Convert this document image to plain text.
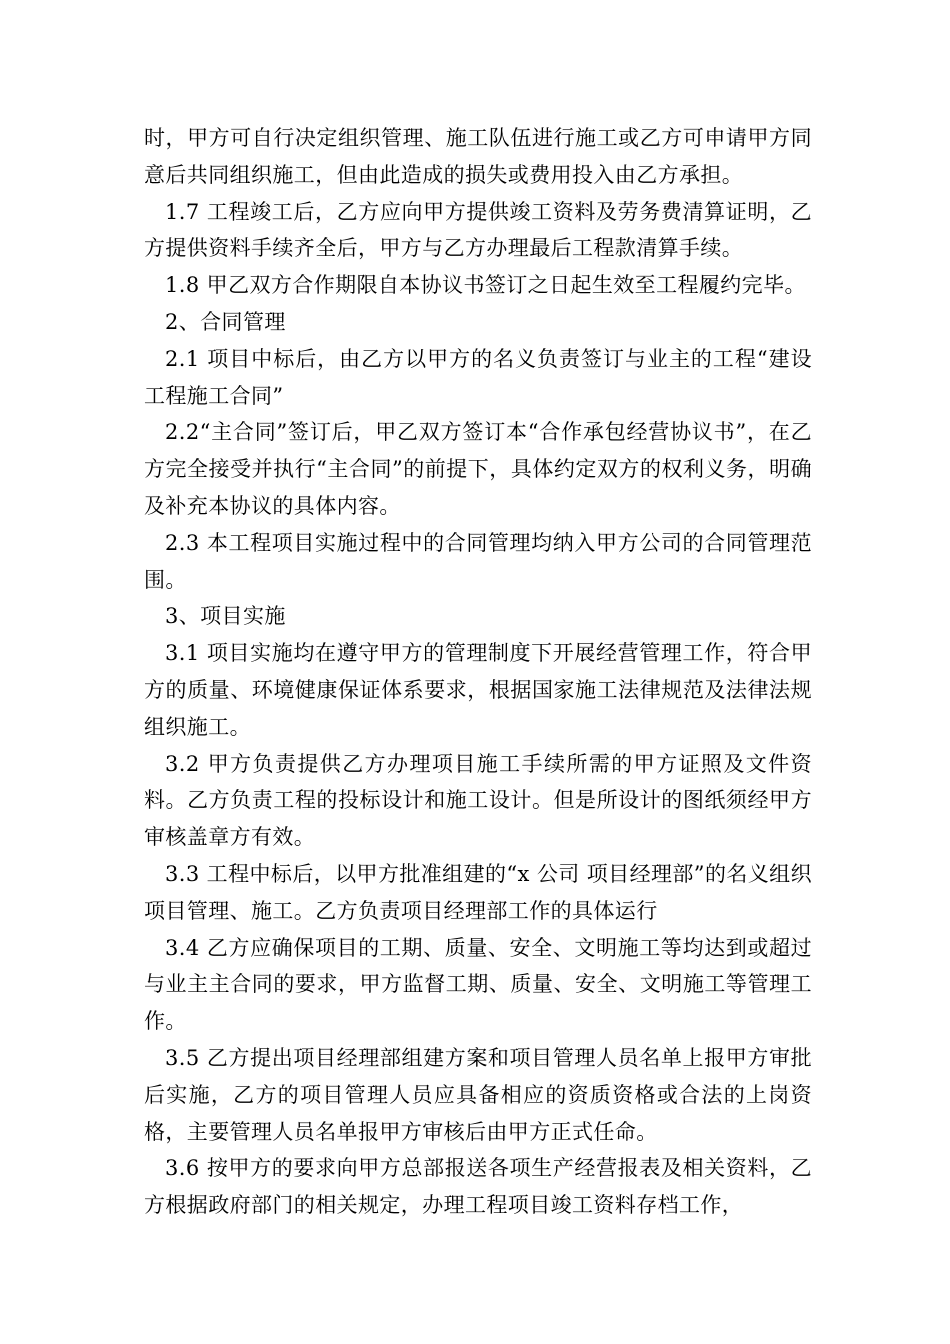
时，甲方可自行决定组织管理、施工队伍进行施工或乙方可申请甲方同意后共同组织施工，但由此造成的损失或费用投入由乙方承担。

1.7 工程竣工后，乙方应向甲方提供竣工资料及劳务费清算证明，乙方提供资料手续齐全后，甲方与乙方办理最后工程款清算手续。

1.8 甲乙双方合作期限自本协议书签订之日起生效至工程履约完毕。

2、合同管理

2.1 项目中标后，由乙方以甲方的名义负责签订与业主的工程“建设工程施工合同”

2.2“主合同”签订后，甲乙双方签订本“合作承包经营协议书”，在乙方完全接受并执行“主合同”的前提下，具体约定双方的权利义务，明确及补充本协议的具体内容。

2.3 本工程项目实施过程中的合同管理均纳入甲方公司的合同管理范围。

3、项目实施

3.1 项目实施均在遵守甲方的管理制度下开展经营管理工作，符合甲方的质量、环境健康保证体系要求，根据国家施工法律规范及法律法规组织施工。

3.2 甲方负责提供乙方办理项目施工手续所需的甲方证照及文件资料。乙方负责工程的投标设计和施工设计。但是所设计的图纸须经甲方审核盖章方有效。

3.3 工程中标后，以甲方批准组建的“x 公司 项目经理部”的名义组织项目管理、施工。乙方负责项目经理部工作的具体运行

3.4 乙方应确保项目的工期、质量、安全、文明施工等均达到或超过与业主主合同的要求，甲方监督工期、质量、安全、文明施工等管理工作。

3.5 乙方提出项目经理部组建方案和项目管理人员名单上报甲方审批后实施，乙方的项目管理人员应具备相应的资质资格或合法的上岗资格，主要管理人员名单报甲方审核后由甲方正式任命。

3.6 按甲方的要求向甲方总部报送各项生产经营报表及相关资料，乙方根据政府部门的相关规定，办理工程项目竣工资料存档工作，
